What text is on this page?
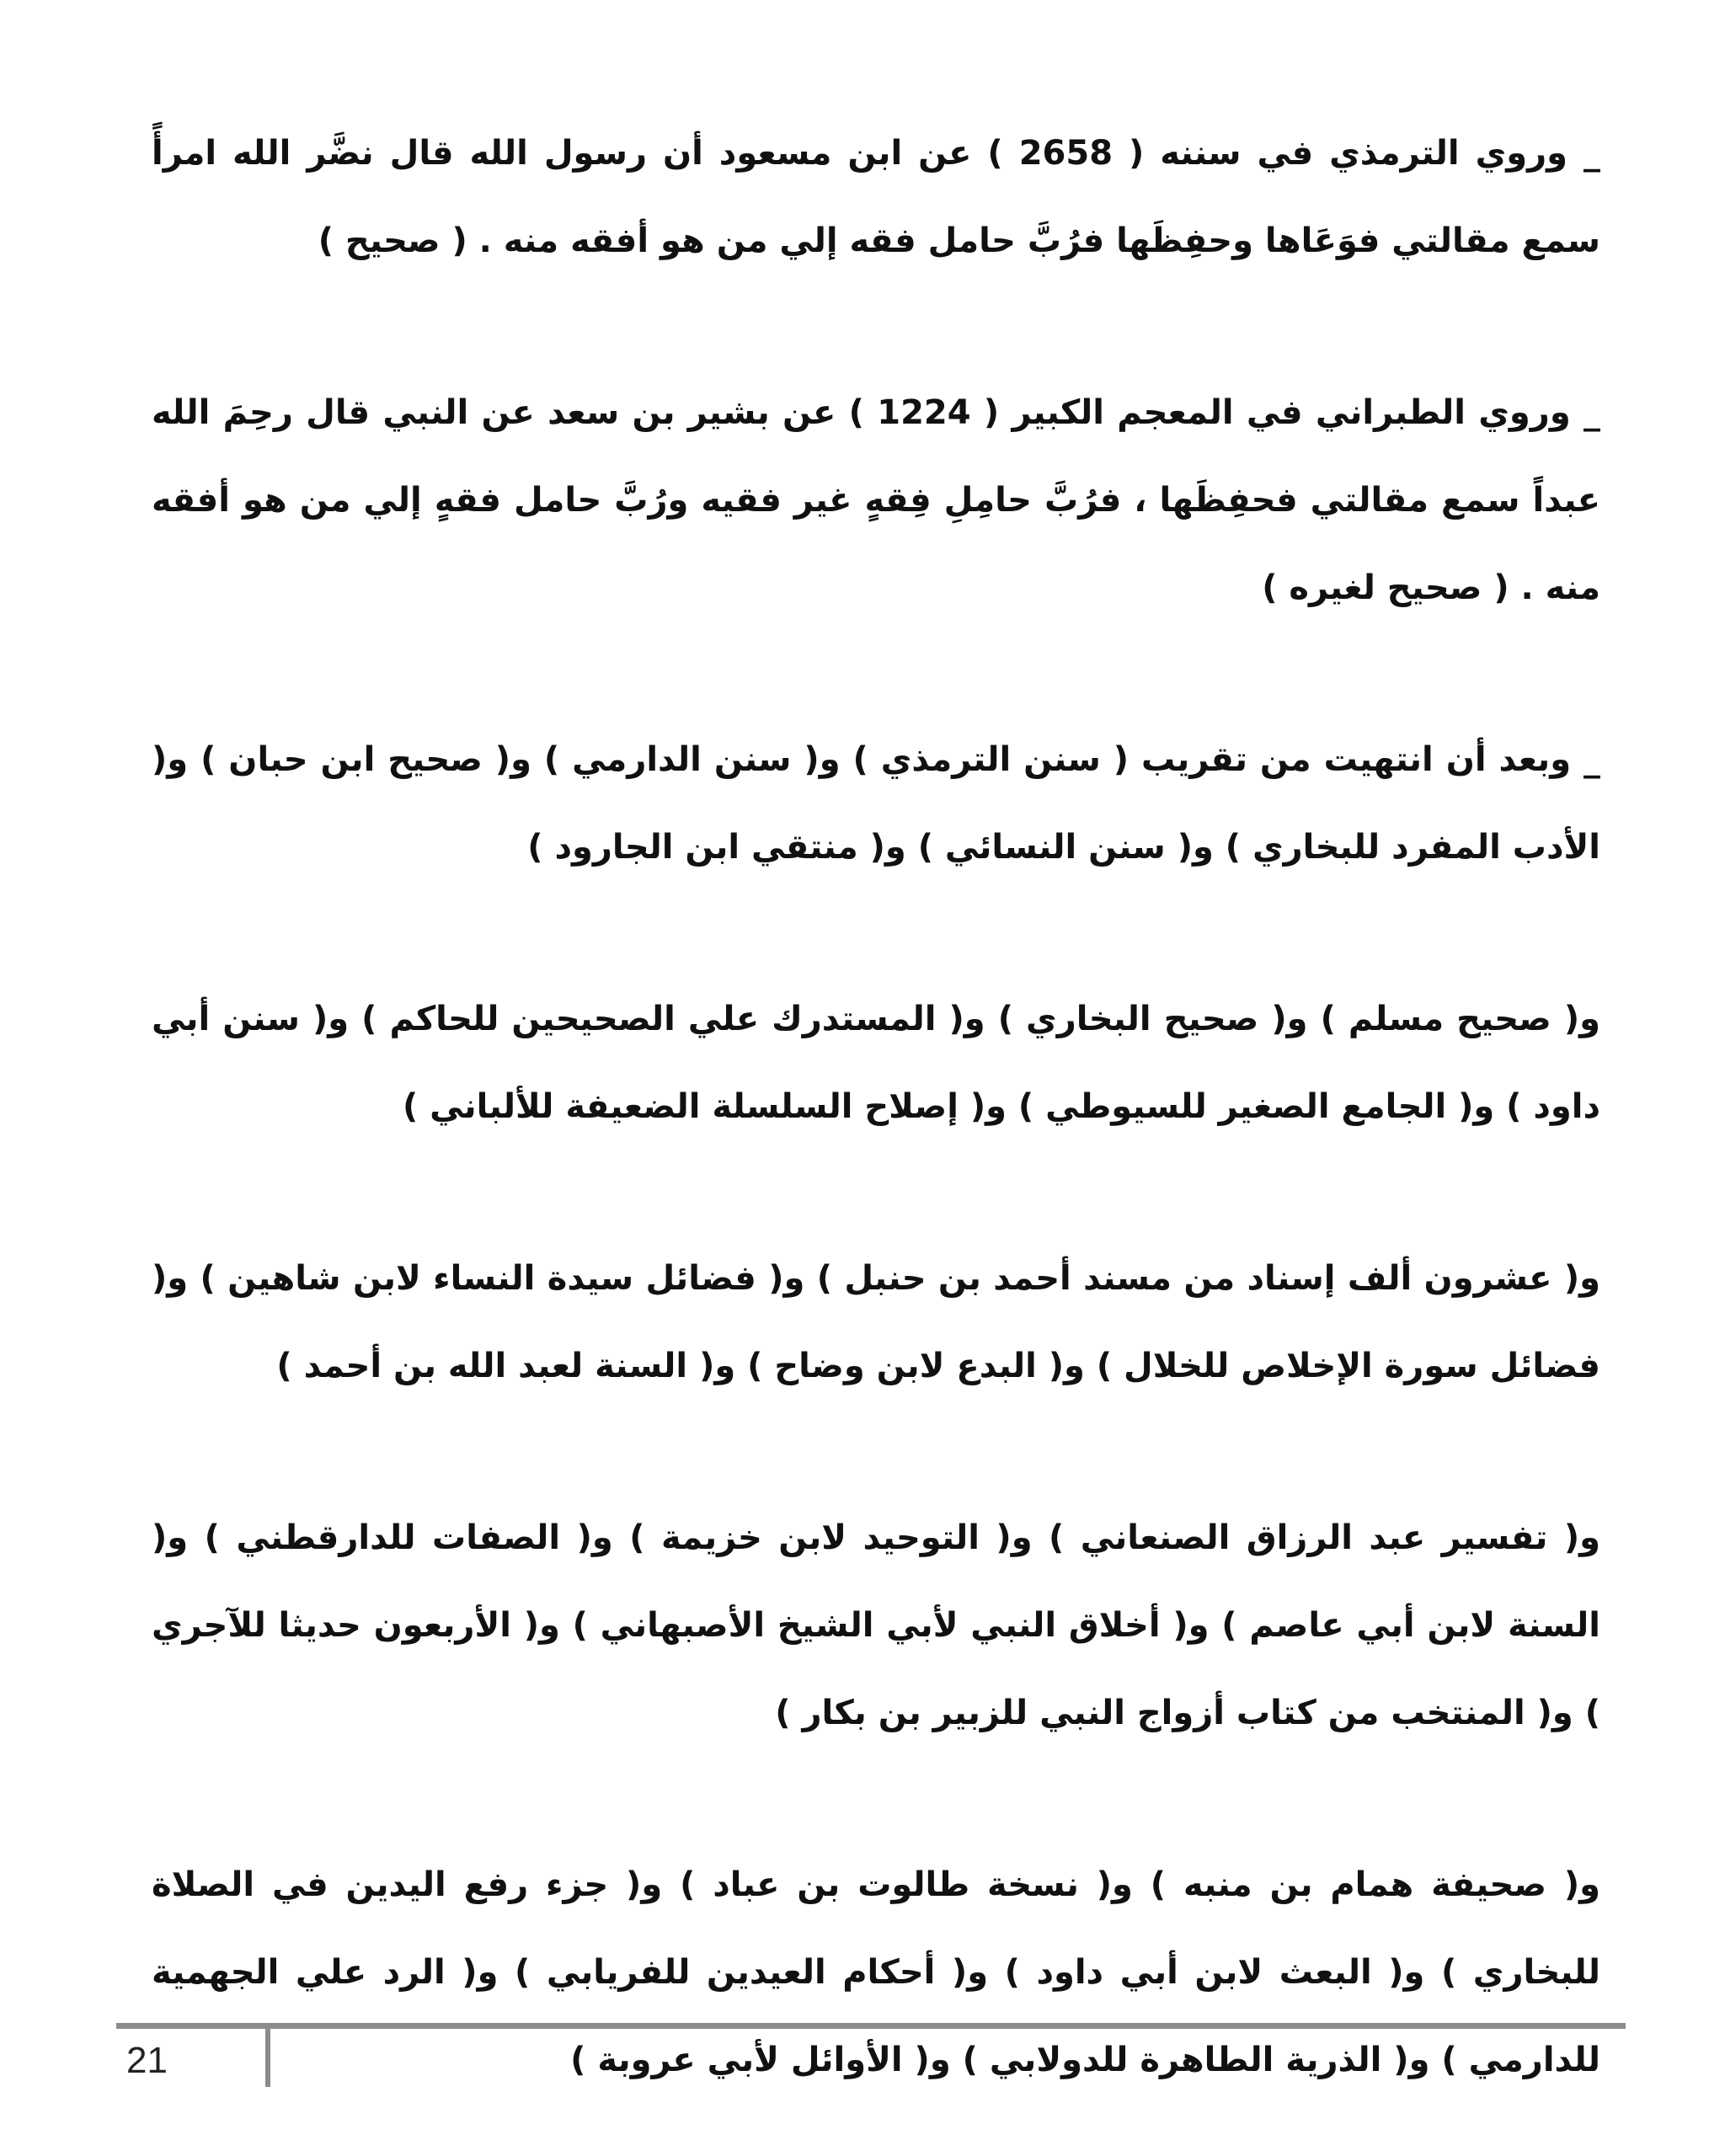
_ وروي الترمذي في سننه ( 2658 ) عن ابن مسعود أن رسول الله قال نضَّر الله امرأً سمع مقالتي فوَعَاها وحفِظَها فرُبَّ حامل فقه إلي من هو أفقه منه . ( صحيح )

_ وروي الطبراني في المعجم الكبير ( 1224 ) عن بشير بن سعد عن النبي قال رحِمَ الله عبداً سمع مقالتي فحفِظَها ، فرُبَّ حامِلِ فِقهٍ غير فقيه ورُبَّ حامل فقهٍ إلي من هو أفقه منه . ( صحيح لغيره )

_ وبعد أن انتهيت من تقريب ( سنن الترمذي ) و( سنن الدارمي ) و( صحيح ابن حبان ) و( الأدب المفرد للبخاري ) و( سنن النسائي ) و( منتقي ابن الجارود )

و( صحيح مسلم ) و( صحيح البخاري ) و( المستدرك علي الصحيحين للحاكم ) و( سنن أبي داود ) و( الجامع الصغير للسيوطي ) و( إصلاح السلسلة الضعيفة للألباني )

و( عشرون ألف إسناد من مسند أحمد بن حنبل ) و( فضائل سيدة النساء لابن شاهين ) و( فضائل سورة الإخلاص للخلال ) و( البدع لابن وضاح ) و( السنة لعبد الله بن أحمد )

و( تفسير عبد الرزاق الصنعاني ) و( التوحيد لابن خزيمة ) و( الصفات للدارقطني ) و( السنة لابن أبي عاصم ) و( أخلاق النبي لأبي الشيخ الأصبهاني ) و( الأربعون حديثا للآجري ) و( المنتخب من كتاب أزواج النبي للزبير بن بكار )

و( صحيفة همام بن منبه ) و( نسخة طالوت بن عباد ) و( جزء رفع اليدين في الصلاة للبخاري ) و( البعث لابن أبي داود ) و( أحكام العيدين للفريابي ) و( الرد علي الجهمية للدارمي ) و( الذرية الطاهرة للدولابي ) و( الأوائل لأبي عروبة )

21
